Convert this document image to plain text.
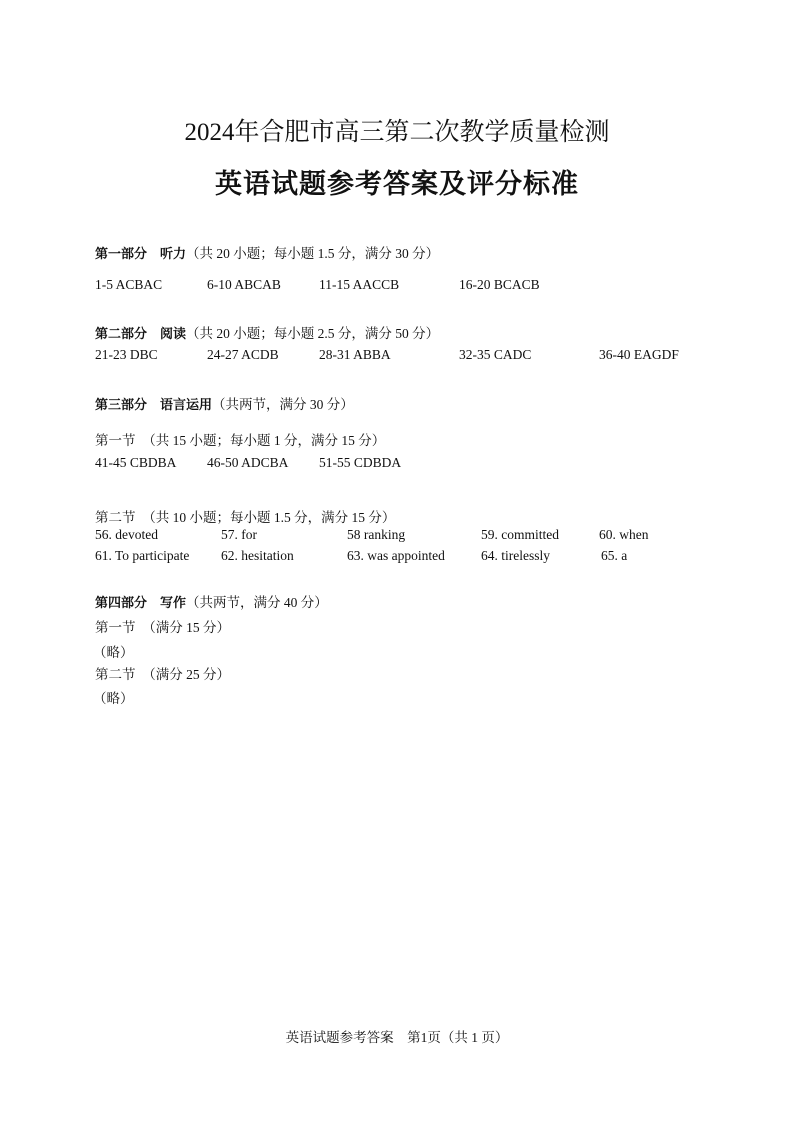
2024年合肥市高三第二次教学质量检测
英语试题参考答案及评分标准
第一部分　听力（共 20 小题；每小题 1.5 分，满分 30 分）
1-5 ACBAC	6-10 ABCAB	11-15 AACCB	16-20 BCACB
第二部分　阅读（共 20 小题；每小题 2.5 分，满分 50 分）
21-23 DBC	24-27 ACDB	28-31 ABBA	32-35 CADC	36-40 EAGDF
第三部分　语言运用（共两节，满分 30 分）
第一节　（共 15 小题；每小题 1 分，满分 15 分）
41-45 CBDBA 46-50 ADCBA 51-55 CDBDA
第二节　（共 10 小题；每小题 1.5 分，满分 15 分）
56. devoted	57. for	58 ranking	59. committed	60. when
61. To participate 62. hesitation	63. was appointed	64. tirelessly	65. a
第四部分　写作（共两节，满分 40 分）
第一节　（满分 15 分）
（略）
第二节　（满分 25 分）
（略）
英语试题参考答案　第1页（共 1 页）
